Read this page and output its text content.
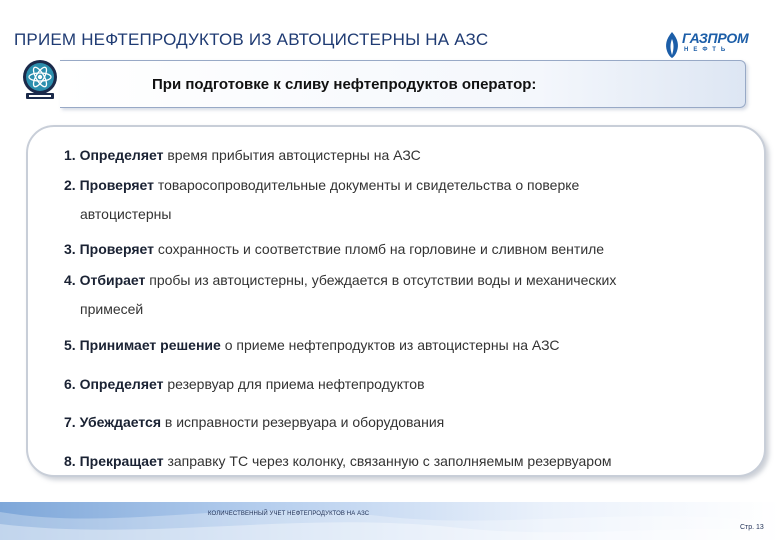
ПРИЕМ НЕФТЕПРОДУКТОВ ИЗ АВТОЦИСТЕРНЫ НА АЗС	ГАЗПРОМ
НЕФТЬ
При подготовке к сливу нефтепродуктов оператор:
1. Определяет время прибытия автоцистерны на АЗС
2. Проверяет товаросопроводительные документы и свидетельства о поверке
автоцистерны
3. Проверяет сохранность и соответствие пломб на горловине и сливном вентиле
4. Отбирает пробы из автоцистерны, убеждается в отсутствии воды и механических
примесей
5. Принимает решение о приеме нефтепродуктов из автоцистерны на АЗС
6. Определяет резервуар для приема нефтепродуктов
7. Убеждается в исправности резервуара и оборудования
8. Прекращает заправку ТС через колонку, связанную с заполняемым резервуаром
КОЛИЧЕСТВЕННЫЙ УЧЕТ НЕФТЕПРОДУКТОВ НА АЗС
Стр. 13
